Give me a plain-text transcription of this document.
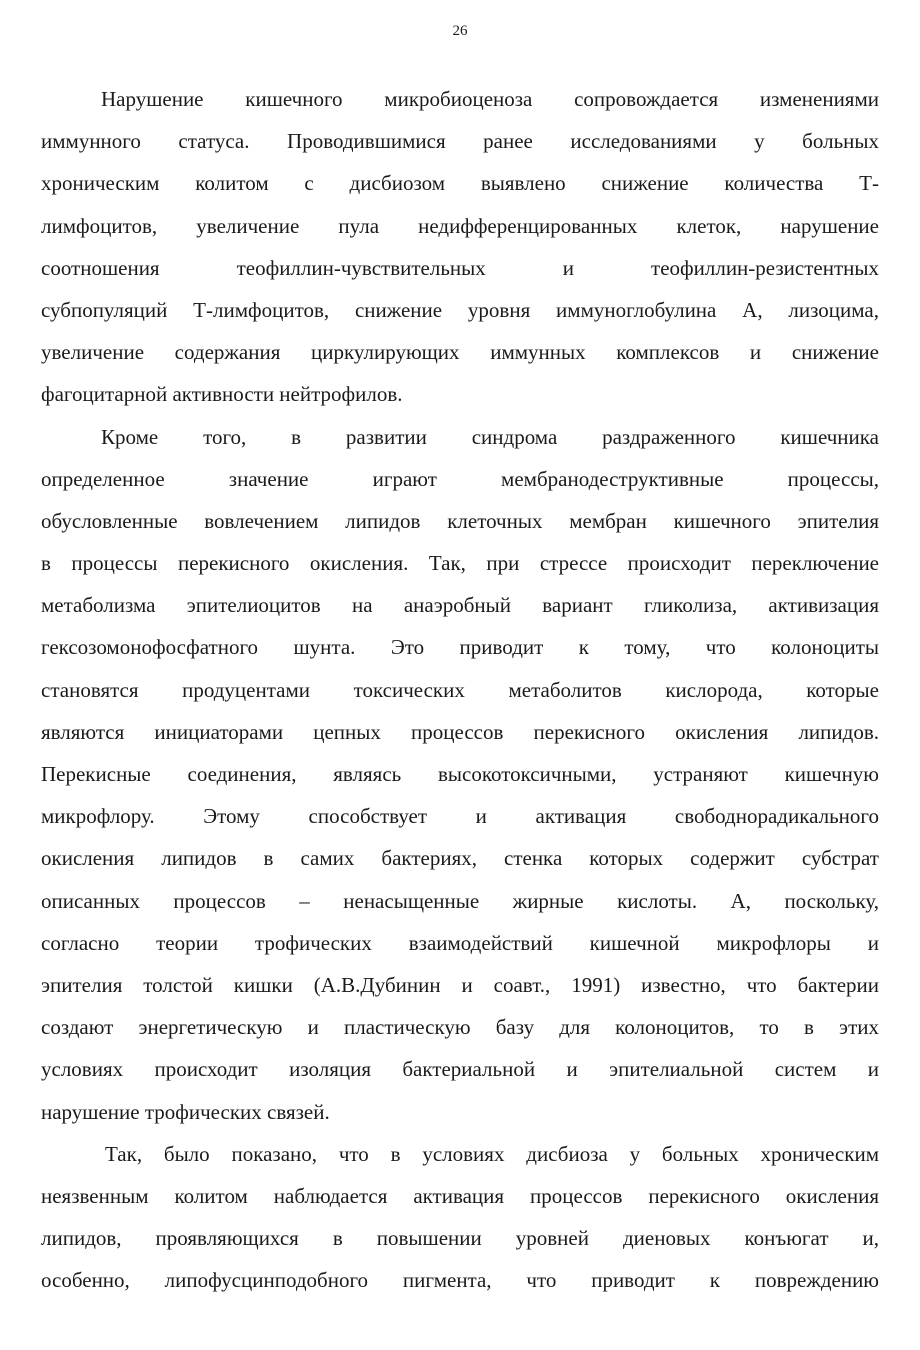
26
Нарушение кишечного микробиоценоза сопровождается изменениями
иммунного статуса. Проводившимися ранее исследованиями у больных
хроническим колитом с дисбиозом выявлено снижение количества Т-
лимфоцитов, увеличение пула недифференцированных клеток, нарушение
соотношения теофиллин-чувствительных и теофиллин-резистентных
субпопуляций Т-лимфоцитов, снижение уровня иммуноглобулина А, лизоцима,
увеличение содержания циркулирующих иммунных комплексов и снижение
фагоцитарной активности нейтрофилов.
Кроме того, в развитии синдрома раздраженного кишечника
определенное значение играют мембранодеструктивные процессы,
обусловленные вовлечением липидов клеточных мембран кишечного эпителия
в процессы перекисного окисления. Так, при стрессе происходит переключение
метаболизма эпителиоцитов на анаэробный вариант гликолиза, активизация
гексозомонофосфатного шунта. Это приводит к тому, что колоноциты
становятся продуцентами токсических метаболитов кислорода, которые
являются инициаторами цепных процессов перекисного окисления липидов.
Перекисные соединения, являясь высокотоксичными, устраняют кишечную
микрофлору. Этому способствует и активация свободнорадикального
окисления липидов в самих бактериях, стенка которых содержит субстрат
описанных процессов – ненасыщенные жирные кислоты. А, поскольку,
согласно теории трофических взаимодействий кишечной микрофлоры и
эпителия толстой кишки (А.В.Дубинин и соавт., 1991) известно, что бактерии
создают энергетическую и пластическую базу для колоноцитов, то в этих
условиях происходит изоляция бактериальной и эпителиальной систем и
нарушение трофических связей.
Так, было показано, что в условиях дисбиоза у больных хроническим
неязвенным колитом наблюдается активация процессов перекисного окисления
липидов, проявляющихся в повышении уровней диеновых конъюгат и,
особенно, липофусцинподобного пигмента, что приводит к повреждению
